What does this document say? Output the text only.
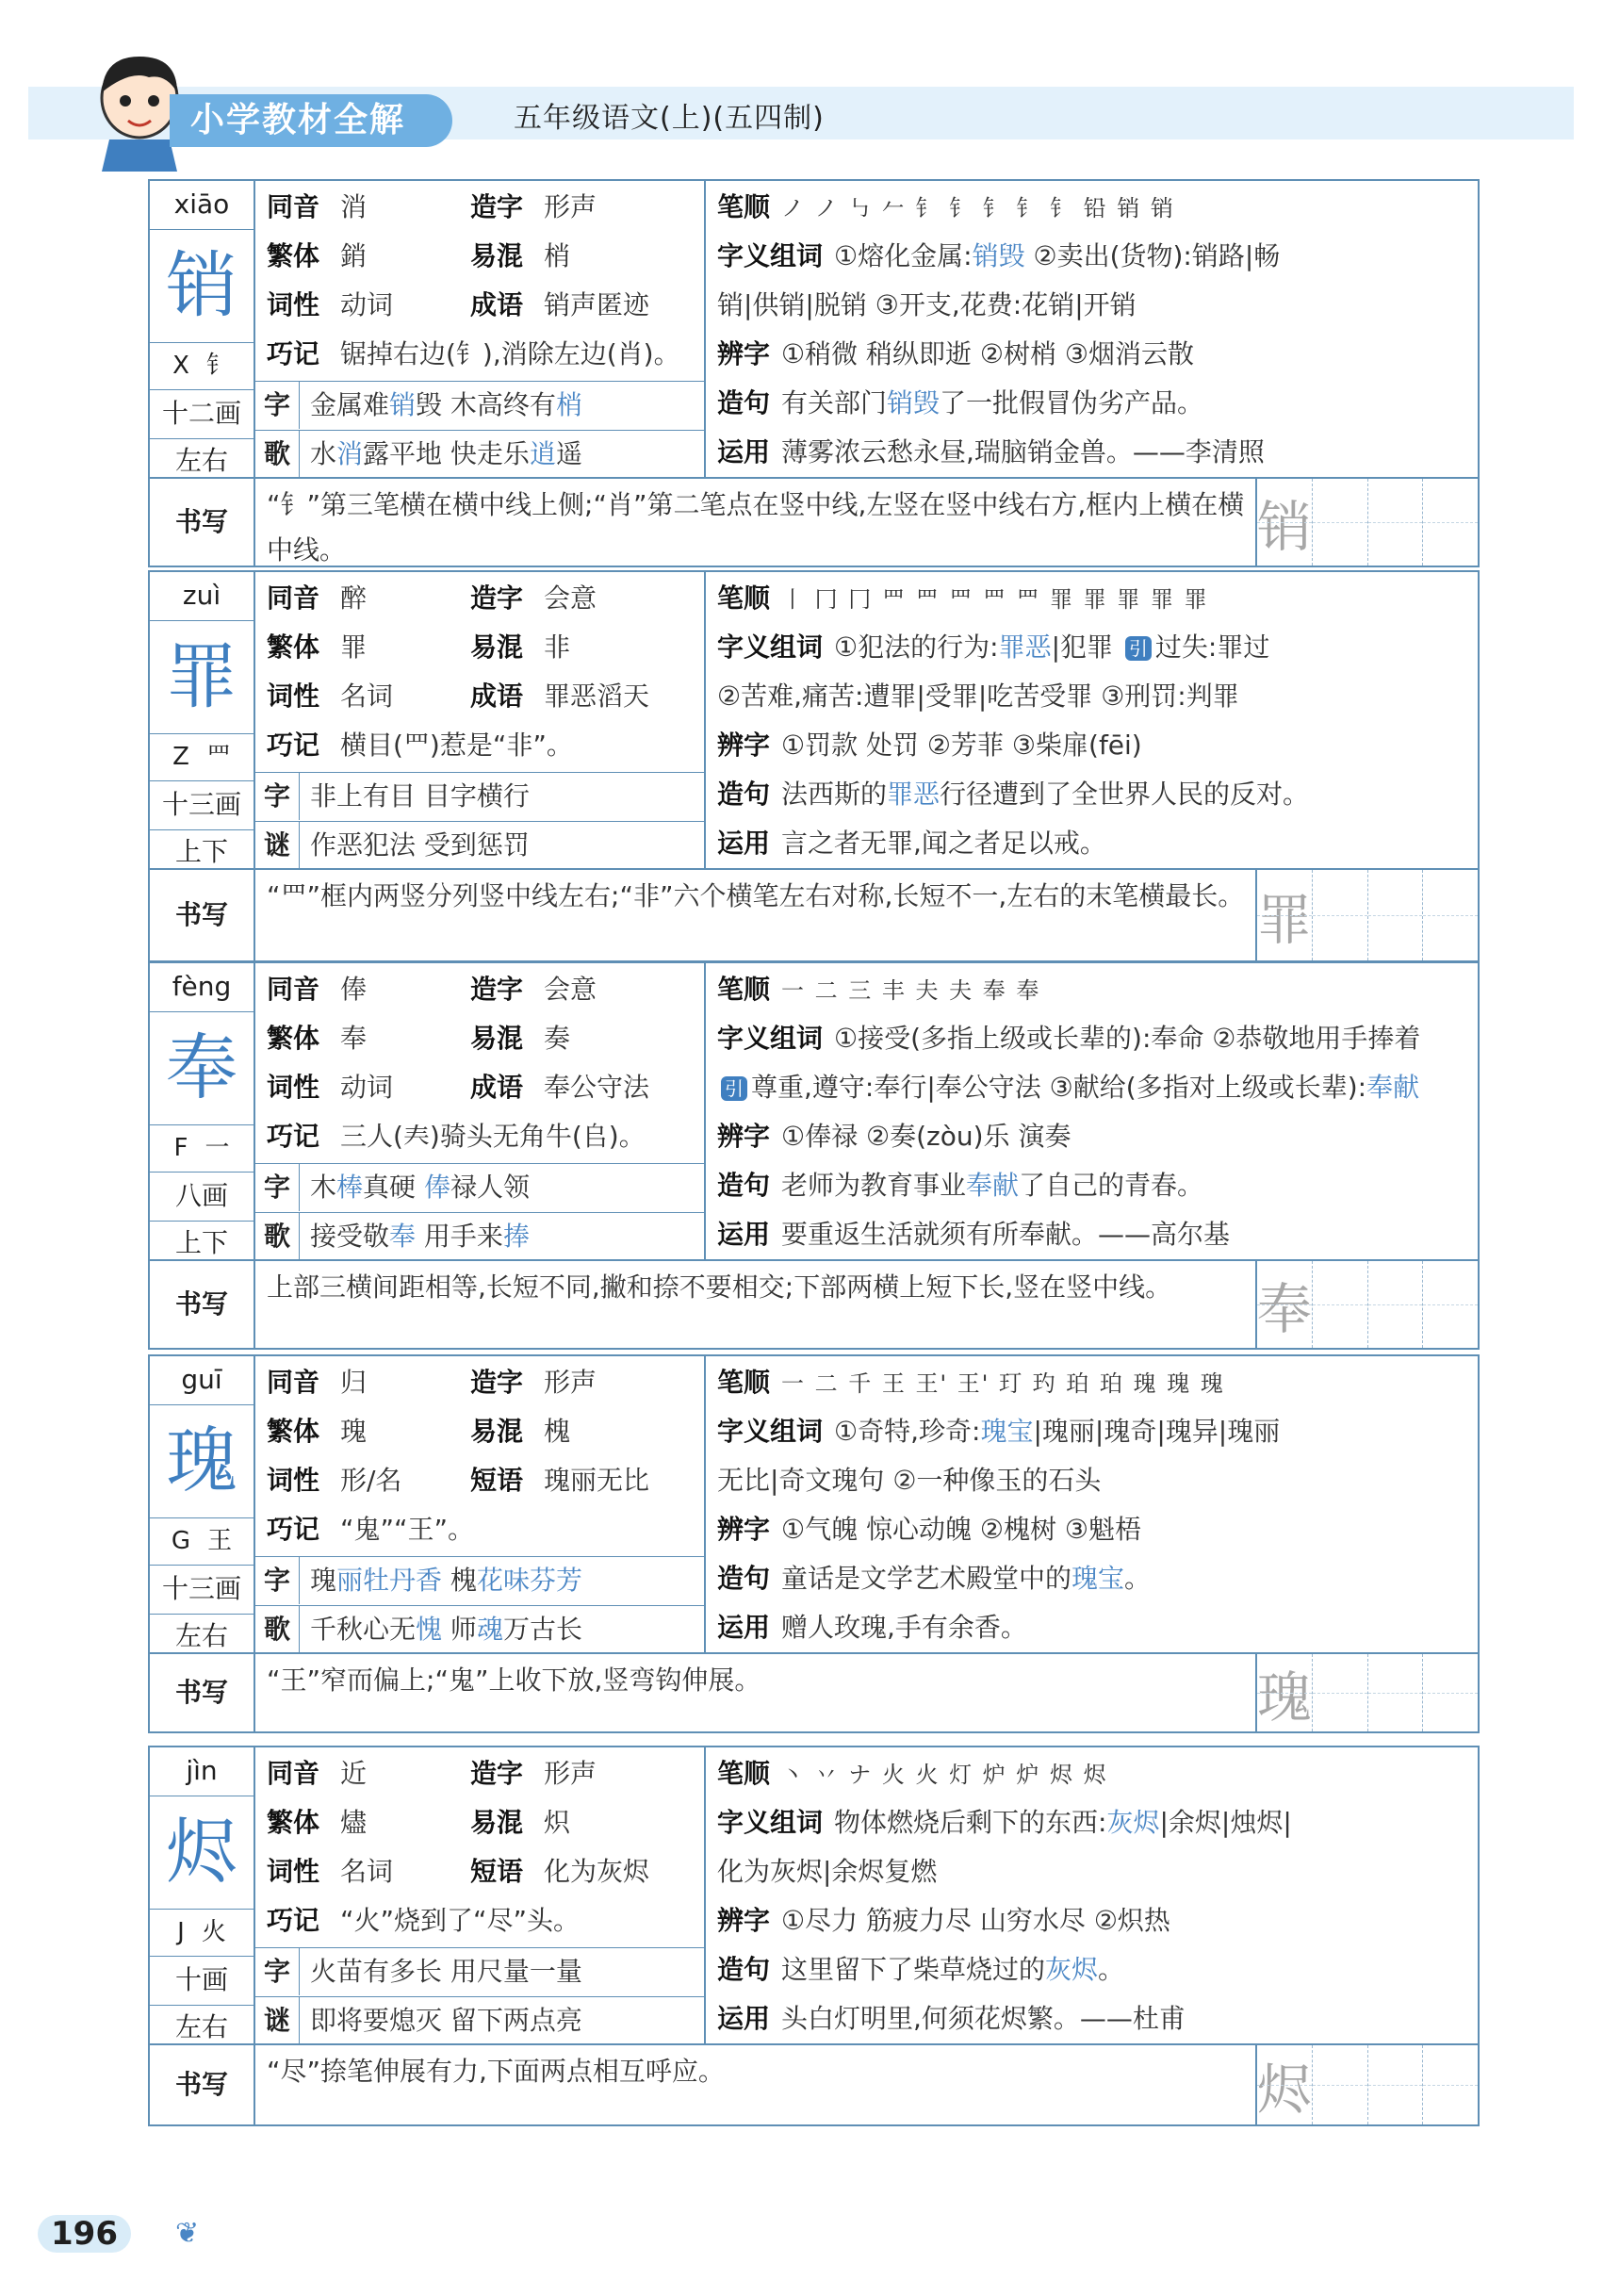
小学教材全解	五年级语文(上)(五四制)
xiāo
销
X 钅
十二画
左右
同音 消	造字 形声
繁体 銷	易混 梢
词性 动词	成语 销声匿迹
巧记 锯掉右边(钅),消除左边(肖)。
字 金属难销毁 木高终有梢
歌 水消露平地 快走乐逍遥
笔顺 ノ ノ ㇉ 𠂉 钅 钅 钅 钅 钅 铅 销 销
字义组词 ①熔化金属:销毁 ②卖出(货物):销路|畅
销|供销|脱销 ③开支,花费:花销|开销
辨字 ①稍微 稍纵即逝 ②树梢 ③烟消云散
造句 有关部门销毁了一批假冒伪劣产品。
运用 薄雾浓云愁永昼,瑞脑销金兽。——李清照
书写
“钅”第三笔横在横中线上侧;“肖”第二笔点在竖中线,左竖在竖中线右方,框内上横在横中线。	销
zuì
罪
Z 罒
十三画
上下
同音 醉	造字 会意
繁体 罪	易混 非
词性 名词	成语 罪恶滔天
巧记 横目(罒)惹是“非”。
字 非上有目 目字横行
谜 作恶犯法 受到惩罚
笔顺 丨 冂 冂 罒 罒 罒 罒 罒 罪 罪 罪 罪 罪
字义组词 ①犯法的行为:罪恶|犯罪 引 过失:罪过
②苦难,痛苦:遭罪|受罪|吃苦受罪 ③刑罚:判罪
辨字 ①罚款 处罚 ②芳菲 ③柴扉(fēi)
造句 法西斯的罪恶行径遭到了全世界人民的反对。
运用 言之者无罪,闻之者足以戒。
书写
“罒”框内两竖分列竖中线左右;“非”六个横笔左右对称,长短不一,左右的末笔横最长。 罪
fèng
奉
F 一
八画
上下
同音 俸	造字 会意
繁体 奉	易混 奏
词性 动词	成语 奉公守法
巧记 三人(𡗗)骑头无角牛(𠂤)。
字 木棒真硬 俸禄人领
歌 接受敬奉 用手来捧
笔顺 一 二 三 丰 夫 夫 奉 奉
字义组词 ①接受(多指上级或长辈的):奉命 ②恭敬地用手捧着
引 尊重,遵守:奉行|奉公守法 ③献给(多指对上级或长辈):奉献
辨字 ①俸禄 ②奏(zòu)乐 演奏
造句 老师为教育事业奉献了自己的青春。
运用 要重返生活就须有所奉献。——高尔基
书写
上部三横间距相等,长短不同,撇和捺不要相交;下部两横上短下长,竖在竖中线。	奉
guī
瑰
G 王
十三画
左右
同音 归	造字 形声
繁体 瑰	易混 槐
词性 形/名	短语 瑰丽无比
巧记 “鬼”“王”。
字 瑰丽牡丹香 槐花味芬芳
歌 千秋心无愧 师魂万古长
笔顺 一 二 千 王 王' 王' 玎 玓 珀 珀 瑰 瑰 瑰
字义组词 ①奇特,珍奇:瑰宝|瑰丽|瑰奇|瑰异|瑰丽
无比|奇文瑰句 ②一种像玉的石头
辨字 ①气魄 惊心动魄 ②槐树 ③魁梧
造句 童话是文学艺术殿堂中的瑰宝。
运用 赠人玫瑰,手有余香。
书写	“王”窄而偏上;“鬼”上收下放,竖弯钩伸展。	瑰
jìn
烬
J 火
十画
左右
同音 近	造字 形声
繁体 燼	易混 炽
词性 名词	短语 化为灰烬
巧记 “火”烧到了“尽”头。
字 火苗有多长 用尺量一量
谜 即将要熄灭 留下两点亮
笔顺 丶 丷 ナ 火 火 灯 炉 炉 烬 烬
字义组词 物体燃烧后剩下的东西:灰烬|余烬|烛烬|
化为灰烬|余烬复燃
辨字 ①尽力 筋疲力尽 山穷水尽 ②炽热
造句 这里留下了柴草烧过的灰烬。
运用 头白灯明里,何须花烬繁。——杜甫
书写	“尽”捺笔伸展有力,下面两点相互呼应。	烬
196	❦
